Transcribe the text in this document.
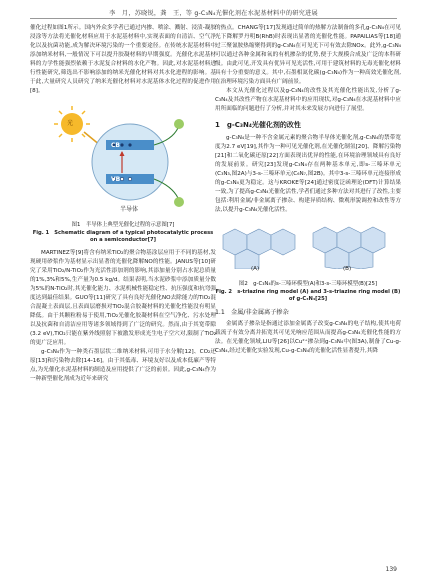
李　月，苏晓锐，龚　王，等 g-C₃N₄光催化剂在水泥基材料中的研究进展

催化过程如图1所示。国内外众多学者已通过内掺、喷涂、溅射、浸渍-凝胶浸涂等方法将光催化材料应用于水泥基材料中,实现表面的自清洁、空气净化以及抗菌功能,成为解决环境污染的一个重要途径。在传统水泥基材料中添加纳米材料,一般情况下可以提升胶凝材料的早期强度。光催化水泥基材料的力学性能强烈依赖于水泥复合材料的水化产物。因此,对水泥基材料进行性能研究,筛选出不影响添加的纳米光催化材料对其水化进程的影响。基于此,大量研究人员研究了纳米光催化材料对水泥基体水化过程的促进作用[8]。

CB
VB
光
半导体
图1　半导体上典型光催化过程的示意图[7]
Fig. 1　Schematic diagram of a typical photocatalytic process on a semiconductor[7]

MARTINEZ等[9]将含有纳米TiO₂的聚合物基涂层应用于不同的基材,发现硬用砂浆作为基材显示出显著的光催化降解NO的性能。JANUS等[10]研究了采用TiO₂/N-TiO₂作为光活性添加剂的影响,其添加量分别占水泥总质量的1%,3%和5%,生产量为0.5 kg/d。结果表明,当水泥砂浆中添加质量分数为5%的N-TiO₂时,其光催化能力、水泥机械性能稳定性、抗压强度和抗弯强度达到最佳结果。GUO等[11]研究了具有良好光催化NO去除能力的TiO₂混合混凝土表面层,且表面层磨损对TiO₂混合胶凝材料的光催化性能没有明显降低。由于其颗粒粉易于使用,TiO₂光催化胶凝材料在空气净化、污水处理以及抗菌和自清洁应用等诸多领域得到了广泛的研究。然而,由于其宽带隙(3.2 eV),TiO₂只能在紫外线照射下被激发形成光生电子空穴对,限制了TiO₂的更广泛应用。

g-C₃N₄作为一种类石墨层状二维纳米材料,可用于水分解[12]、CO₂还原[13]和污染物去除[14-16]。由于其低毒、环境友好以及成本低廉产等特点,为光催化水泥基材料的制造及应用提供了广泛的前景。因此,g-C₃N₄作为一种新型催化剂成为近年来研究

的热点。CHANG等[17]发现通过简单的热解方法制备的多孔g-C₃N₄在可见光下降解罗丹明B(RhB)时表现出显著的光催化性能。PAPAILIAS等[18]通过三聚氰胺热缩聚得到的g-C₃N₄在可见光下可有效去除NOx。此外,g-C₃N₄可以通过各种金属和氧的有机掺杂的优势,便于大规模合成及广泛的本科研级。由此可见,开发具有优异可见光活性,可用于建筑材料的无毒光催化材料具有十分重要的意义。其中,石墨相氮化碳(g-C₃N₄)作为一种高效光催化剂,在治理环境污染方面具有广阔前景。

本文从光催化过程以及g-C₃N₄的改性及其光催化性能出发,分析了g-C₃N₄及其改性产物在水泥基材料中的应用现状,对g-C₃N₄在水泥基材料中应用所面临的问题进行了分析,并对其未来发展方向进行了展望。

1　g-C₃N₄光催化剂的改性

g-C₃N₄是一种不含金属元素的聚合物半导体光催化剂,g-C₃N₄的禁带宽度为2.7 eV[19],其作为一种可见光催化剂,在光催化制氢[20]、降解污染物[21]和二氧化碳还原[22]方面表现出优异的性能,在环境治理领域具有良好的发展前景。研究[23]发现g-C₃N₄存在两种基本单元,即s-三嗪环单元(C₃N₃,图2A)与3-s-三嗪环单元(C₆N₇,图2B)。其中3-s-三嗪环单元连接形成的g-C₃N₄更为稳定。这与KROKE等[24]通过密度泛函理论(DFT)计算结果一致,为了提高g-C₃N₄光催化活性,学者们通过多种方法对其进行了改性,主要包括:利用金属/非金属离子掺杂、构建异质结构、微观形貌调控和改性等方法,以提升g-C₃N₄光催化活性。

(A)	(B)
图2　g-C₃N₄的s-三嗪环模型(A)和3-s-三嗪环模型(B)[25]
Fig. 2　s-triazine ring model (A) and 3-s-triazine ring model (B) of g-C₃N₄[25]
1.1　金属/非金属离子掺杂

金属离子掺杂是指通过添加金属离子改变g-C₃N₄的电子结构,使其电荷载流子有效分离并拓宽其可见光响应范围从而提高g-C₃N₄光催化性能的方法。在光催化领域,LIU等[26]以Cu²⁺掺杂到g-C₃N₄中(图3A),制备了Cu-g-C₃N₄,经过光催化实验发现,Cu-g-C₃N₄的光催化活性显著提升,其降

139
